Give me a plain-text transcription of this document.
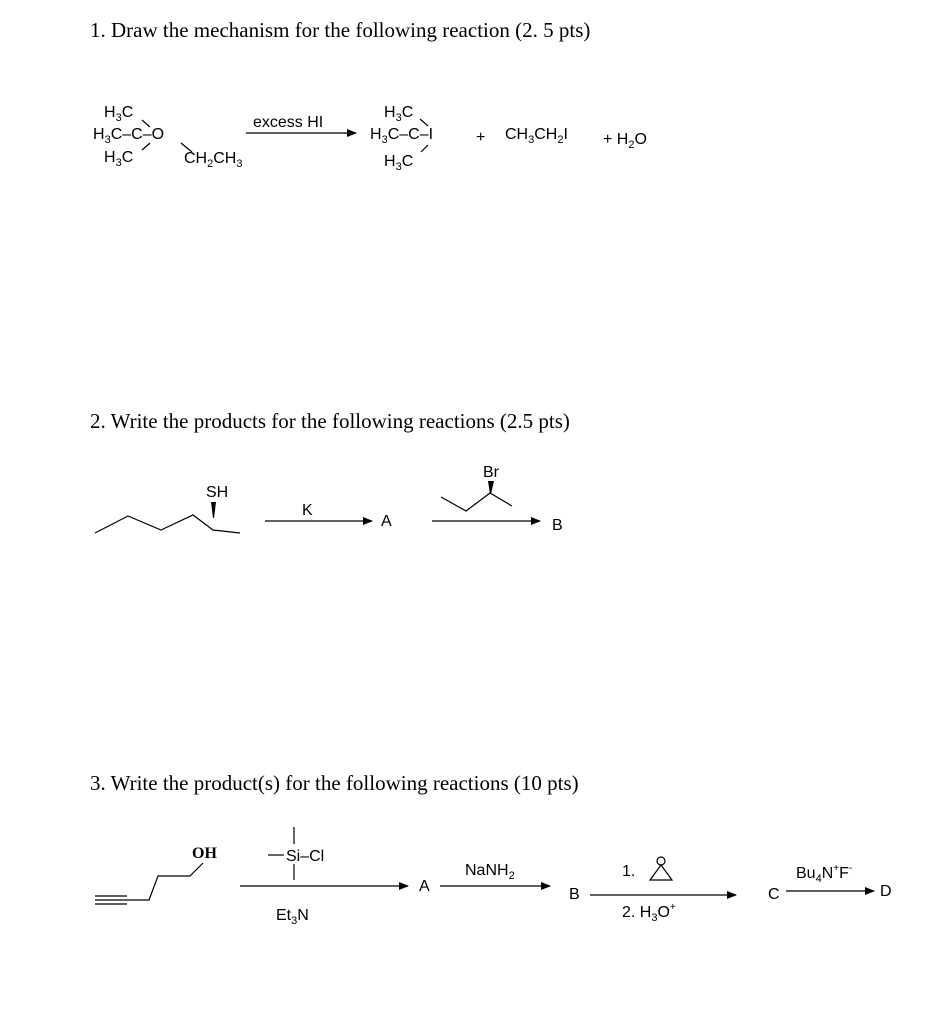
1. Draw the mechanism for the following reaction (2. 5 pts)
2. Write the products for the following reactions (2.5 pts)
3. Write the product(s) for the following reactions (10 pts)
$H_3C$
$H_3C-C-O$
$H_3C$	$CH_2CH_3$
excess HI
$H_3C$
$H_3C-C-I$
$H_3C$
+ $CH_3CH_2I + H_2O$
SH
K
A
Br
B
OH	Si–Cl
$Et_3N$
A
NaNH$_2$
B
1.
2. $H_3O^+$
C
$Bu_4N^+F^-$
D
